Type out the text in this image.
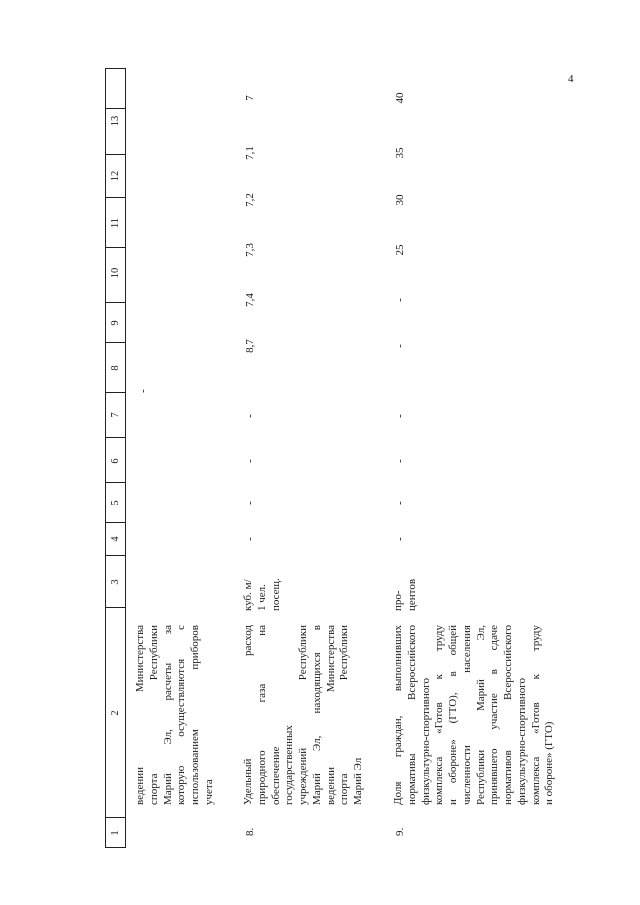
4
1
2
3
4
5
6
7
8
9
10
11
12
13
ведении Министерства спорта Республики Марий Эл, расчеты за которую осуществляются с использованием приборов учета
-
8.
Удельный расход природного газа на обеспечение государственных учреждений Республики Марий Эл, находящихся в ведении Министерства спорта Республики Марий Эл
куб. м/ 1 чел. посещ.
-
-
-
-
8,7
7,4
7,3
7,2
7,1
7
9.
Доля граждан, выполнивших нормативы Всероссийского физкультурно-спортивного комплекса «Готов к труду и обороне» (ГТО), в общей численности населения Республики Марий Эл, принявшего участие в сдаче нормативов Всероссийского физкультурно-спортивного комплекса «Готов к труду и обороне» (ГТО)
про- центов
-
-
-
-
-
-
25
30
35
40
